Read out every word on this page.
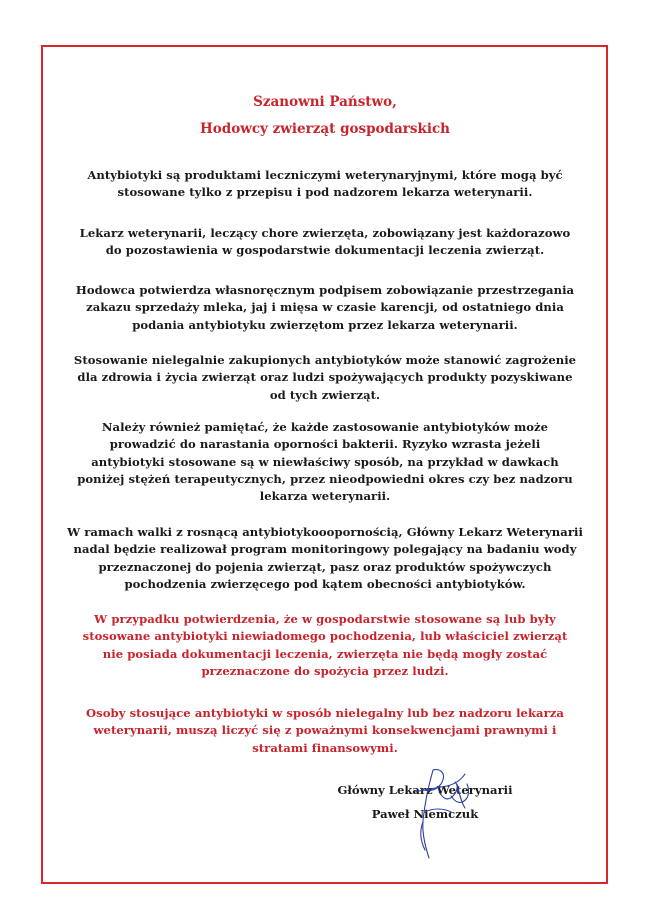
Szanowni Państwo,
Hodowcy zwierząt gospodarskich
Antybiotyki są produktami leczniczymi weterynaryjnymi, które mogą być
stosowane tylko z przepisu i pod nadzorem lekarza weterynarii.
Lekarz weterynarii, leczący chore zwierzęta, zobowiązany jest każdorazowo
do pozostawienia w gospodarstwie dokumentacji leczenia zwierząt.
Hodowca potwierdza własnoręcznym podpisem zobowiązanie przestrzegania
zakazu sprzedaży mleka, jaj i mięsa w czasie karencji, od ostatniego dnia
podania antybiotyku zwierzętom przez lekarza weterynarii.
Stosowanie nielegalnie zakupionych antybiotyków może stanowić zagrożenie
dla zdrowia i życia zwierząt oraz ludzi spożywających produkty pozyskiwane
od tych zwierząt.
Należy również pamiętać, że każde zastosowanie antybiotyków może
prowadzić do narastania oporności bakterii. Ryzyko wzrasta jeżeli
antybiotyki stosowane są w niewłaściwy sposób, na przykład w dawkach
poniżej stężeń terapeutycznych, przez nieodpowiedni okres czy bez nadzoru
lekarza weterynarii.
W ramach walki z rosnącą antybiotykooopornością, Główny Lekarz Weterynarii
nadal będzie realizował program monitoringowy polegający na badaniu wody
przeznaczonej do pojenia zwierząt, pasz oraz produktów spożywczych
pochodzenia zwierzęcego pod kątem obecności antybiotyków.
W przypadku potwierdzenia, że w gospodarstwie stosowane są lub były
stosowane antybiotyki niewiadomego pochodzenia, lub właściciel zwierząt
nie posiada dokumentacji leczenia, zwierzęta nie będą mogły zostać
przeznaczone do spożycia przez ludzi.
Osoby stosujące antybiotyki w sposób nielegalny lub bez nadzoru lekarza
weterynarii, muszą liczyć się z poważnymi konsekwencjami prawnymi i
stratami finansowymi.
Główny Lekarz Weterynarii
Paweł Niemczuk
